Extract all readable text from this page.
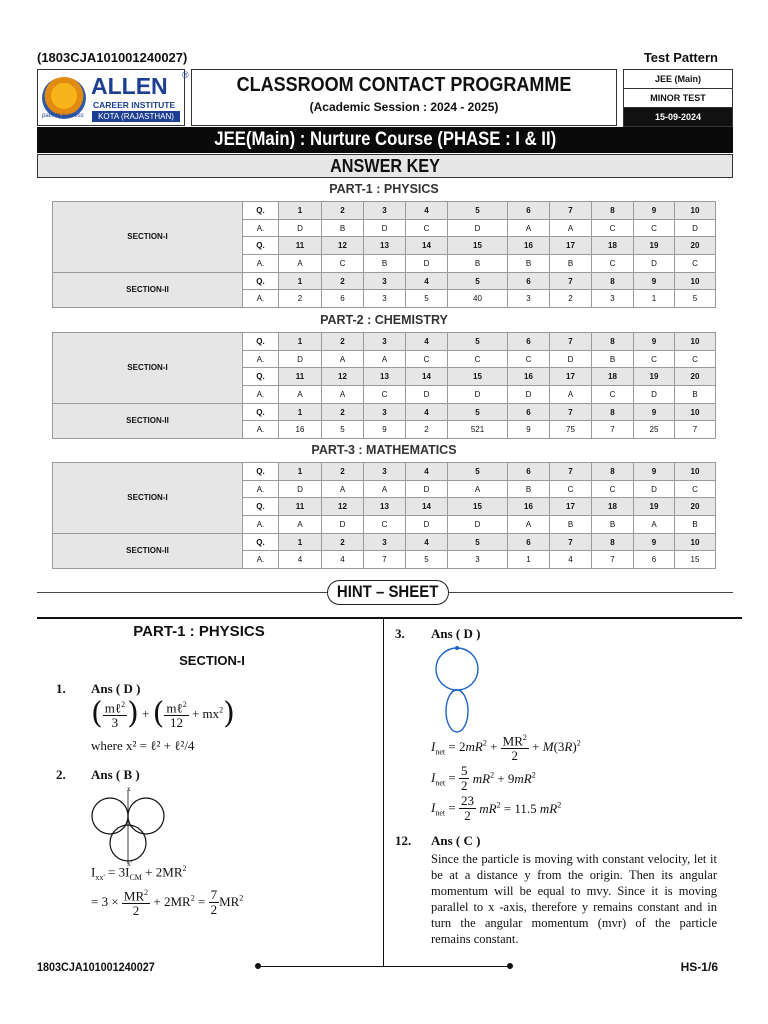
(1803CJA101001240027)	Test Pattern
ALLEN ®
CAREER INSTITUTE
KOTA (RAJASTHAN)
path to success
CLASSROOM CONTACT PROGRAMME
(Academic Session : 2024 - 2025)
JEE (Main)
MINOR TEST
15-09-2024
JEE(Main) : Nurture Course (PHASE : I & II)
ANSWER KEY
PART-1 : PHYSICS
SECTION-I	Q.	1	2	3	4	5	6	7	8	9	10
	A.	D	B	D	C	D	A	A	C	C	D
	Q.	11	12	13	14	15	16	17	18	19	20
	A.	A	C	B	D	B	B	B	C	D	C
SECTION-II	Q.	1	2	3	4	5	6	7	8	9	10
	A.	2	6	3	5	40	3	2	3	1	5
PART-2 : CHEMISTRY
SECTION-I	Q.	1	2	3	4	5	6	7	8	9	10
	A.	D	A	A	C	C	C	D	B	C	C
	Q.	11	12	13	14	15	16	17	18	19	20
	A.	A	A	C	D	D	D	A	C	D	B
SECTION-II	Q.	1	2	3	4	5	6	7	8	9	10
	A.	16	5	9	2	521	9	75	7	25	7
PART-3 : MATHEMATICS
SECTION-I	Q.	1	2	3	4	5	6	7	8	9	10
	A.	D	A	A	D	A	B	C	C	D	C
	Q.	11	12	13	14	15	16	17	18	19	20
	A.	A	D	C	D	D	A	B	B	A	B
SECTION-II	Q.	1	2	3	4	5	6	7	8	9	10
	A.	4	4	7	5	3	1	4	7	6	15
HINT – SHEET
PART-1 : PHYSICS
SECTION-I
1. Ans ( D )
( $\frac{m\ell^2}{3}$ ) + ( $\frac{m\ell^2}{12} + mx^2$)
where x² = ℓ² + ℓ²/4
2. Ans ( B )
x
x'
$I_{xx'} = 3I_{CM} + 2MR^2$
= $3 \times \frac{MR^2}{2} + 2MR^2 = \frac{7}{2} MR^2$
3. Ans ( D )
$I_{net} = 2mR^2 + \frac{MR^2}{2} + M(3R)^2$
$I_{net} = \frac{5}{2} mR^2 + 9mR^2$
$I_{net} = \frac{23}{2} mR^2 = 11.5$ $mR^2$
12. Ans ( C )
Since the particle is moving with constant velocity, let it be at a distance y from the origin. Then its angular momentum will be equal to mvy. Since it is moving parallel to x -axis, therefore y remains constant and in turn the angular momentum (mvr) of the particle remains constant.
1803CJA101001240027	HS-1/6
